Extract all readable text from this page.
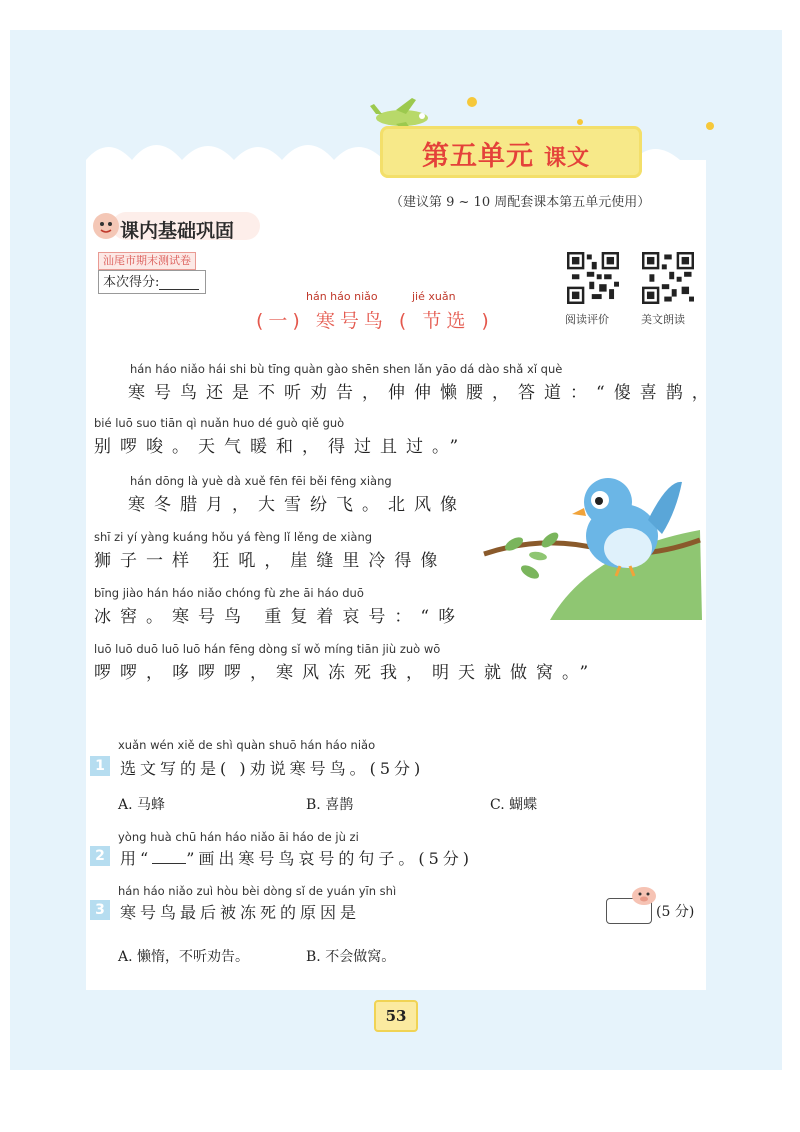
第五单元 课文
（建议第 9 ~ 10 周配套课本第五单元使用）
课内基础巩固
汕尾市期末测试卷
本次得分:
阅读评价	美文朗读
hán háo niǎo	jié xuǎn
(一) 寒号鸟 ( 节选 )
hán háo niǎo hái shi bù tīng quàn gào shēn shen lǎn yāo dá dào shǎ xǐ què
寒号鸟还是不听劝告，伸伸懒腰，答道：“傻喜鹊，
bié luō suo tiān qì nuǎn huo dé guò qiě guò
别啰唆。天气暖和，得过且过。”
hán dōng là yuè dà xuě fēn fēi běi fēng xiàng
寒冬腊月，大雪纷飞。北风像
shī zi yí yàng kuáng hǒu yá fèng lǐ lěng de xiàng
狮子一样 狂吼，崖缝里冷得像
bīng jiào hán háo niǎo chóng fù zhe āi háo duō
冰窖。寒号鸟 重复着哀号：“哆
luō luō duō luō luō hán fēng dòng sǐ wǒ míng tiān jiù zuò wō
啰啰，哆啰啰，寒风冻死我，明天就做窝。”
xuǎn wén xiě de shì quàn shuō hán háo niǎo
1 选文写的是( )劝说寒号鸟。(5分)
A. 马蜂	B. 喜鹊	C. 蝴蝶
yòng huà chū hán háo niǎo āi háo de jù zi
2 用“ ”画出寒号鸟哀号的句子。(5分)
hán háo niǎo zuì hòu bèi dòng sǐ de yuán yīn shì
3 寒号鸟最后被冻死的原因是	(5 分)
A. 懒惰，不听劝告。	B. 不会做窝。
53
